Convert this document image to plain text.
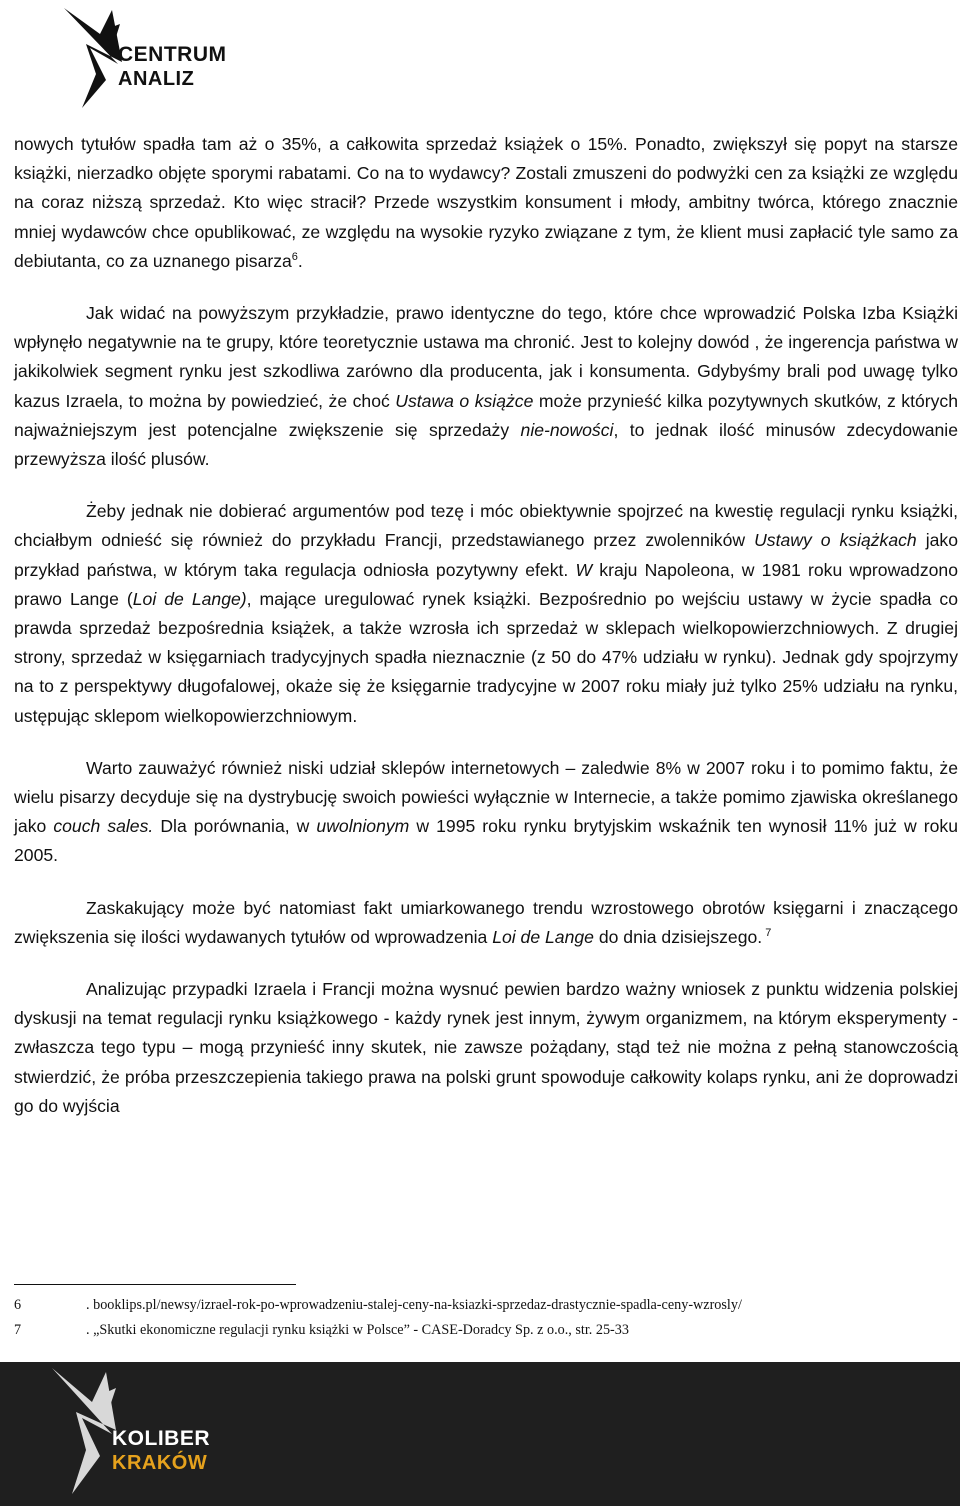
CENTRUM
ANALIZ

nowych tytułów spadła tam aż o 35%, a całkowita sprzedaż książek o 15%. Ponadto, zwiększył się popyt na starsze książki, nierzadko objęte sporymi rabatami. Co na to wydawcy? Zostali zmuszeni do podwyżki cen za książki ze względu na coraz niższą sprzedaż. Kto więc stracił? Przede wszystkim konsument i młody, ambitny twórca, którego znacznie mniej wydawców chce opublikować, ze względu na wysokie ryzyko związane z tym, że klient musi zapłacić tyle samo za debiutanta, co za uznanego pisarza$^6$.

Jak widać na powyższym przykładzie, prawo identyczne do tego, które chce wprowadzić Polska Izba Książki wpłynęło negatywnie na te grupy, które teoretycznie ustawa ma chronić. Jest to kolejny dowód , że ingerencja państwa w jakikolwiek segment rynku jest szkodliwa zarówno dla producenta, jak i konsumenta. Gdybyśmy brali pod uwagę tylko kazus Izraela, to można by powiedzieć, że choć Ustawa o książce może przynieść kilka pozytywnych skutków, z których najważniejszym jest potencjalne zwiększenie się sprzedaży nie-nowości, to jednak ilość minusów zdecydowanie przewyższa ilość plusów.

Żeby jednak nie dobierać argumentów pod tezę i móc obiektywnie spojrzeć na kwestię regulacji rynku książki, chciałbym odnieść się również do przykładu Francji, przedstawianego przez zwolenników Ustawy o książkach jako przykład państwa, w którym taka regulacja odniosła pozytywny efekt. W kraju Napoleona, w 1981 roku wprowadzono prawo Lange (Loi de Lange), mające uregulować rynek książki. Bezpośrednio po wejściu ustawy w życie spadła co prawda sprzedaż bezpośrednia książek, a także wzrosła ich sprzedaż w sklepach wielkopowierzchniowych. Z drugiej strony, sprzedaż w księgarniach tradycyjnych spadła nieznacznie (z 50 do 47% udziału w rynku). Jednak gdy spojrzymy na to z perspektywy długofalowej, okaże się że księgarnie tradycyjne w 2007 roku miały już tylko 25% udziału na rynku, ustępując sklepom wielkopowierzchniowym.

Warto zauważyć również niski udział sklepów internetowych – zaledwie 8% w 2007 roku i to pomimo faktu, że wielu pisarzy decyduje się na dystrybucję swoich powieści wyłącznie w Internecie, a także pomimo zjawiska określanego jako couch sales. Dla porównania, w uwolnionym w 1995 roku rynku brytyjskim wskaźnik ten wynosił 11% już w roku 2005.

Zaskakujący może być natomiast fakt umiarkowanego trendu wzrostowego obrotów księgarni i znaczącego zwiększenia się ilości wydawanych tytułów od wprowadzenia Loi de Lange do dnia dzisiejszego. $^7$

Analizując przypadki Izraela i Francji można wysnuć pewien bardzo ważny wniosek z punktu widzenia polskiej dyskusji na temat regulacji rynku książkowego - każdy rynek jest innym, żywym organizmem, na którym eksperymenty - zwłaszcza tego typu – mogą przynieść inny skutek, nie zawsze pożądany, stąd też nie można z pełną stanowczością stwierdzić, że próba przeszczepienia takiego prawa na polski grunt spowoduje całkowity kolaps rynku, ani że doprowadzi go do wyjścia

6	. booklips.pl/newsy/izrael-rok-po-wprowadzeniu-stalej-ceny-na-ksiazki-sprzedaz-drastycznie-spadla-ceny-wzrosly/
7	. „Skutki ekonomiczne regulacji rynku książki w Polsce” - CASE-Doradcy Sp. z o.o., str. 25-33
KOLIBER
KRAKÓW
